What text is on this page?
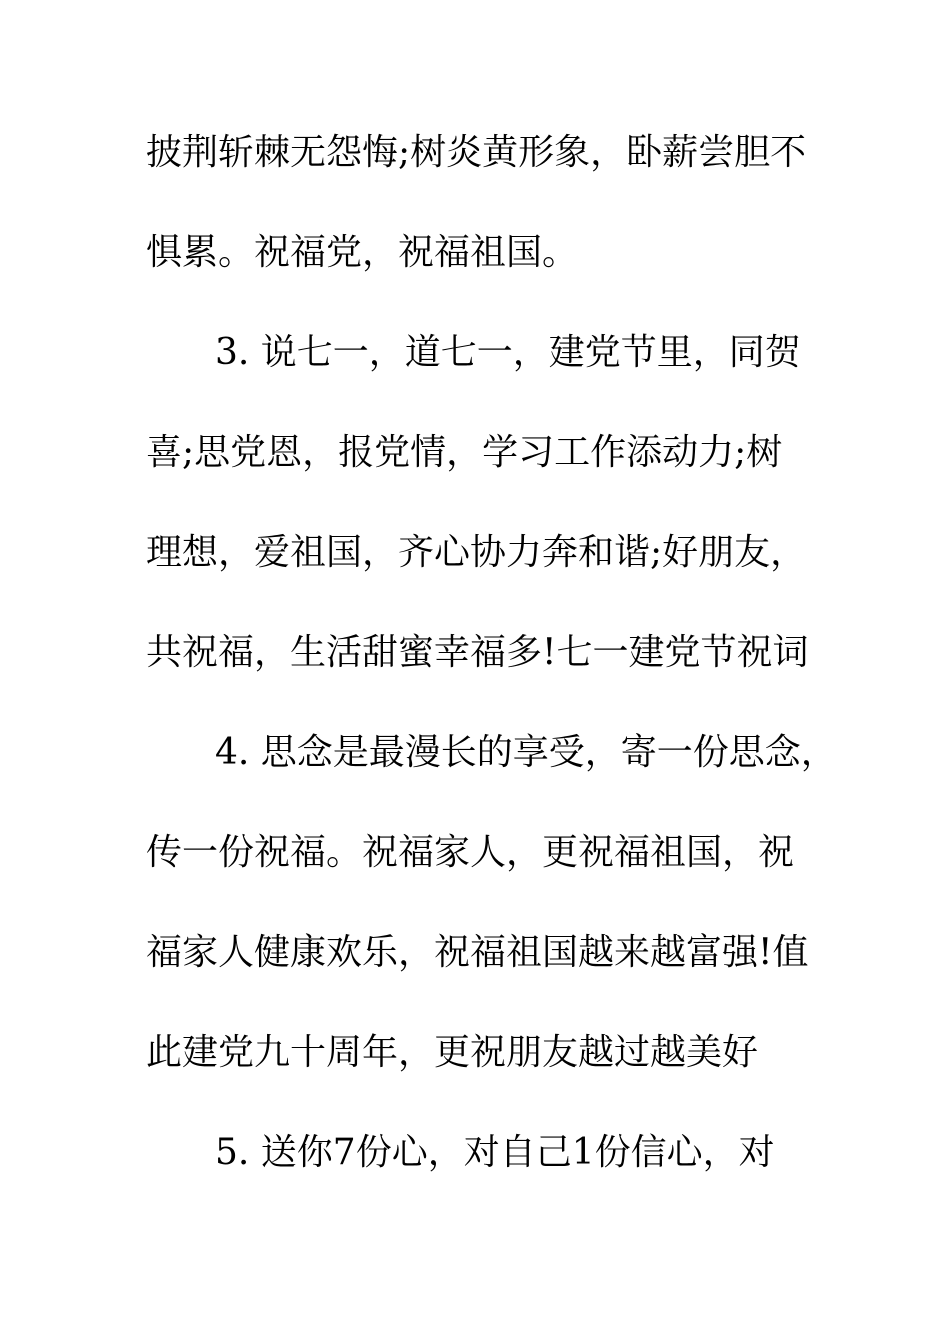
披荆斩棘无怨悔;树炎黄形象，卧薪尝胆不
惧累。祝福党，祝福祖国。
3. 说七一，道七一，建党节里，同贺
喜;思党恩，报党情，学习工作添动力;树
理想，爱祖国，齐心协力奔和谐;好朋友，
共祝福，生活甜蜜幸福多!七一建党节祝词
4. 思念是最漫长的享受，寄一份思念，
传一份祝福。祝福家人，更祝福祖国，祝
福家人健康欢乐，祝福祖国越来越富强!值
此建党九十周年，更祝朋友越过越美好
5. 送你7份心，对自己1份信心，对
